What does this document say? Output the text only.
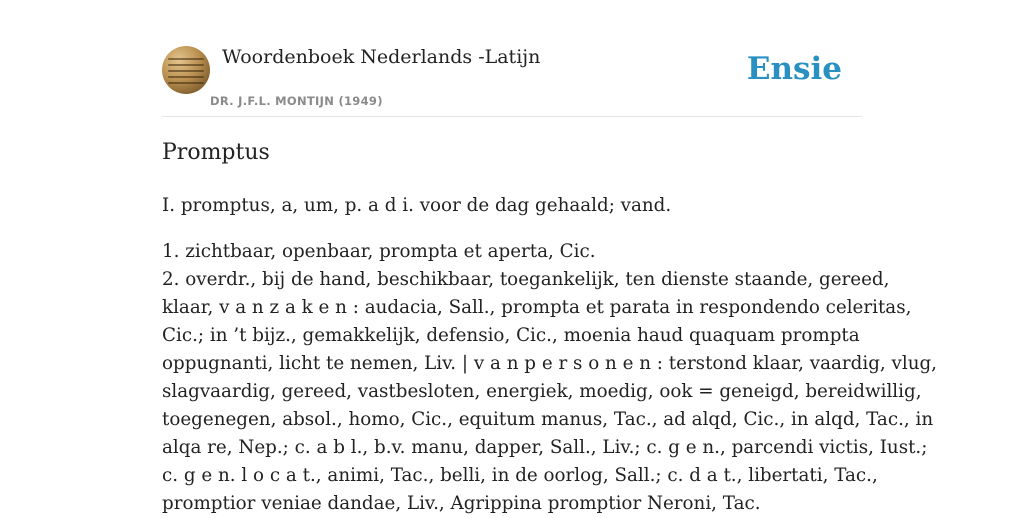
Woordenboek Nederlands -Latijn
DR. J.F.L. MONTIJN (1949)
Ensie
Promptus

I. promptus, a, um, p. a d i. voor de dag gehaald; vand.

1. zichtbaar, openbaar, prompta et aperta, Cic.
2. overdr., bij de hand, beschikbaar, toegankelijk, ten dienste staande, gereed,
klaar, v a n z a k e n : audacia, Sall., prompta et parata in respondendo celeritas,
Cic.; in ’t bijz., gemakkelijk, defensio, Cic., moenia haud quaquam prompta
oppugnanti, licht te nemen, Liv. | v a n p e r s o n e n : terstond klaar, vaardig, vlug,
slagvaardig, gereed, vastbesloten, energiek, moedig, ook = geneigd, bereidwillig,
toegenegen, absol., homo, Cic., equitum manus, Tac., ad alqd, Cic., in alqd, Tac., in
alqa re, Nep.; c. a b l., b.v. manu, dapper, Sall., Liv.; c. g e n., parcendi victis, Iust.;
c. g e n. l o c a t., animi, Tac., belli, in de oorlog, Sall.; c. d a t., libertati, Tac.,
promptior veniae dandae, Liv., Agrippina promptior Neroni, Tac.
